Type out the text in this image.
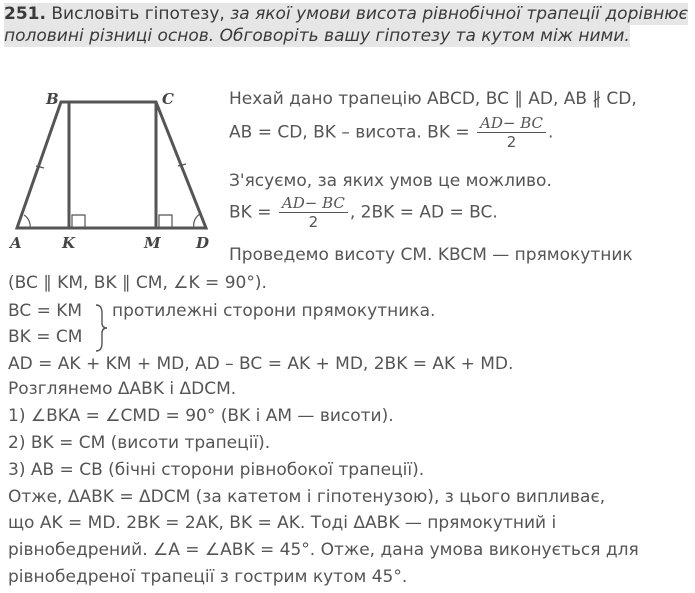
251. Висловіть гіпотезу, за якої умови висота рівнобічної трапеції дорівнює половині різниці основ. Обговоріть вашу гіпотезу та кутом між ними.
B	C
A	K	M D
Нехай дано трапецію ABCD, BC ∥ AD, AB ∦ CD,
AB = CD, BK – висота. BK = $\frac{AD- BC}{2}$ .
З'ясуємо, за яких умов це можливо.
BK = $\frac{AD- BC}{2}$ , 2BK = AD = BC.
Проведемо висоту CM. KBCM — прямокутник
(BC ∥ KM, BK ∥ CM, ∠K = 90°).
BC = KM протилежні сторони прямокутника.
BK = CM
AD = AK + KM + MD, AD – BC = AK + MD, 2BK = AK + MD.
Розглянемо ΔABK і ΔDCM.
1) ∠BKA = ∠CMD = 90° (BK і AM — висоти).
2) BK = CM (висоти трапеції).
3) AB = CB (бічні сторони рівнобокої трапеції).
Отже, ΔABK = ΔDCM (за катетом і гіпотенузою), з цього випливає,
що AK = MD. 2BK = 2AK, BK = AK. Тоді ΔABK — прямокутний і
рівнобедрений. ∠A = ∠ABK = 45°. Отже, дана умова виконується для
рівнобедреної трапеції з гострим кутом 45°.
